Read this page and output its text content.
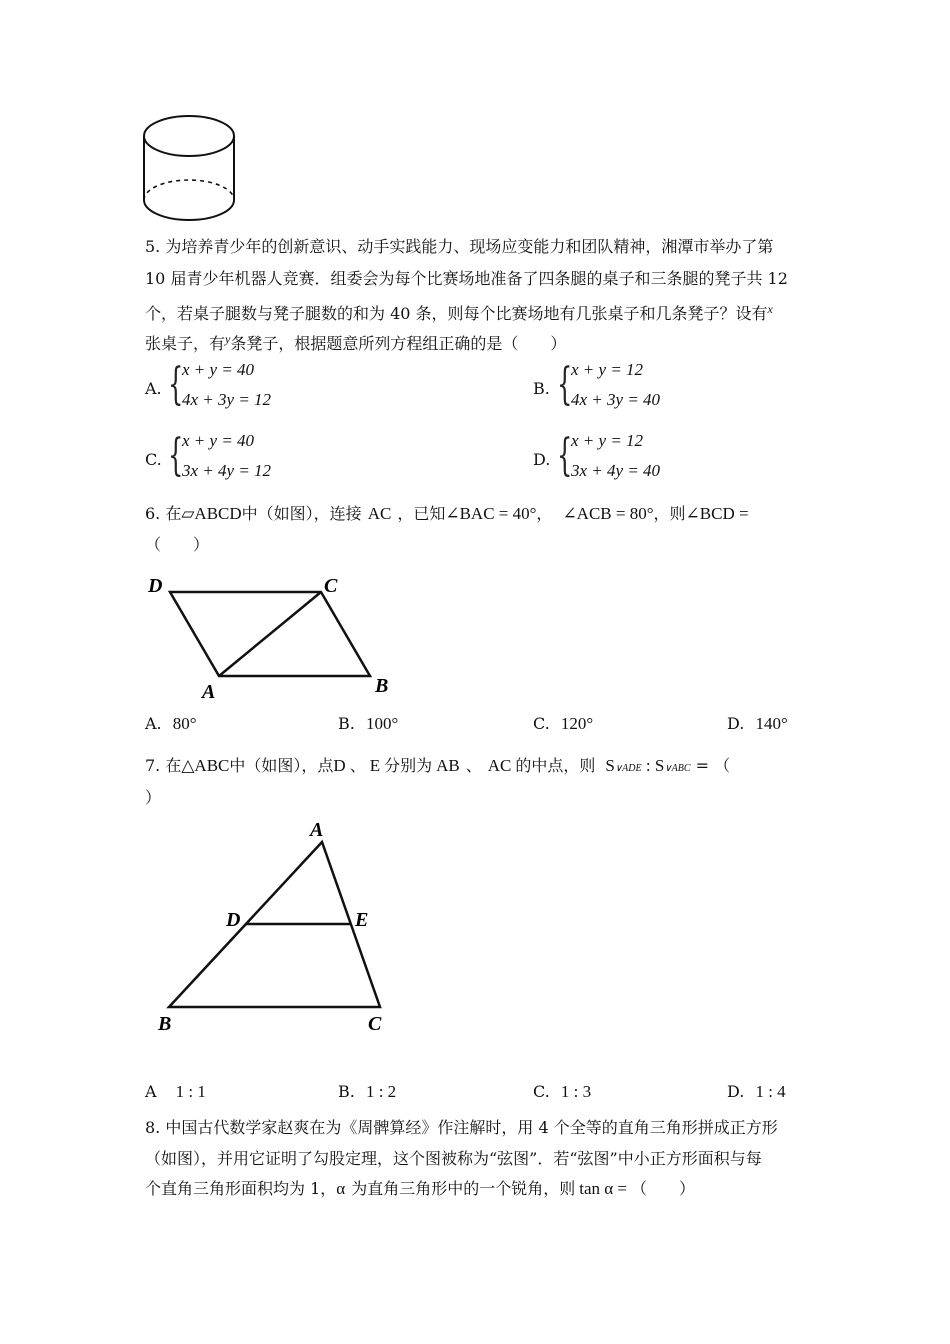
5. 为培养青少年的创新意识、动手实践能力、现场应变能力和团队精神，湘潭市举办了第
10 届青少年机器人竞赛．组委会为每个比赛场地准备了四条腿的桌子和三条腿的凳子共 12
个，若桌子腿数与凳子腿数的和为 40 条，则每个比赛场地有几张桌子和几条凳子？设有$^x$
张桌子，有$^y$条凳子，根据题意所列方程组正确的是（　　）
A. {
x + y = 40
4x + 3y = 12
B. {
x + y = 12
4x + 3y = 40
C. {
x + y = 40
3x + 4y = 12
D. {
x + y = 12
3x + 4y = 40
6. 在▱ABCD中（如图），连接 AC ，已知∠BAC = 40°， ∠ACB = 80°，则∠BCD =
（　　）
D	C
A	B
A. 80°	B. 100°	C. 120°	D. 140°
7. 在△ABC中（如图），点D 、 E 分别为 AB 、 AC 的中点，则 S∨ADE : S∨ABC = （
）
A
D	E
B	C
A 1 : 1	B. 1 : 2	C. 1 : 3	D. 1 : 4
8. 中国古代数学家赵爽在为《周髀算经》作注解时，用 4 个全等的直角三角形拼成正方形
（如图），并用它证明了勾股定理，这个图被称为“弦图”．若“弦图”中小正方形面积与每
个直角三角形面积均为 1，α 为直角三角形中的一个锐角，则 tan α = （　　）
